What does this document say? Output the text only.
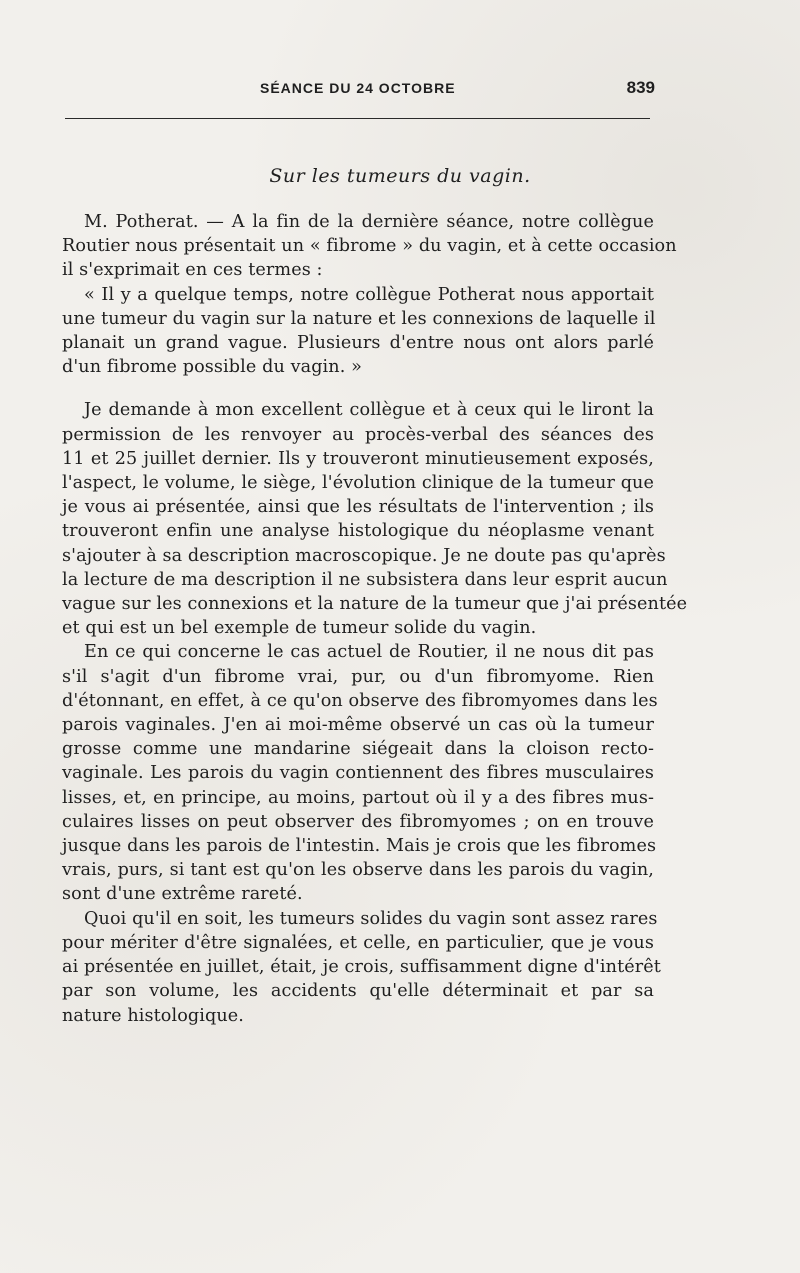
SÉANCE DU 24 OCTOBRE	839
Sur les tumeurs du vagin.
M. Potherat. — A la fin de la dernière séance, notre collègue
Routier nous présentait un « fibrome » du vagin, et à cette occasion
il s'exprimait en ces termes :
« Il y a quelque temps, notre collègue Potherat nous apportait
une tumeur du vagin sur la nature et les connexions de laquelle il
planait un grand vague. Plusieurs d'entre nous ont alors parlé
d'un fibrome possible du vagin. »
Je demande à mon excellent collègue et à ceux qui le liront la
permission de les renvoyer au procès-verbal des séances des
11 et 25 juillet dernier. Ils y trouveront minutieusement exposés,
l'aspect, le volume, le siège, l'évolution clinique de la tumeur que
je vous ai présentée, ainsi que les résultats de l'intervention ; ils
trouveront enfin une analyse histologique du néoplasme venant
s'ajouter à sa description macroscopique. Je ne doute pas qu'après
la lecture de ma description il ne subsistera dans leur esprit aucun
vague sur les connexions et la nature de la tumeur que j'ai présentée
et qui est un bel exemple de tumeur solide du vagin.
En ce qui concerne le cas actuel de Routier, il ne nous dit pas
s'il s'agit d'un fibrome vrai, pur, ou d'un fibromyome. Rien
d'étonnant, en effet, à ce qu'on observe des fibromyomes dans les
parois vaginales. J'en ai moi-même observé un cas où la tumeur
grosse comme une mandarine siégeait dans la cloison recto-
vaginale. Les parois du vagin contiennent des fibres musculaires
lisses, et, en principe, au moins, partout où il y a des fibres mus-
culaires lisses on peut observer des fibromyomes ; on en trouve
jusque dans les parois de l'intestin. Mais je crois que les fibromes
vrais, purs, si tant est qu'on les observe dans les parois du vagin,
sont d'une extrême rareté.
Quoi qu'il en soit, les tumeurs solides du vagin sont assez rares
pour mériter d'être signalées, et celle, en particulier, que je vous
ai présentée en juillet, était, je crois, suffisamment digne d'intérêt
par son volume, les accidents qu'elle déterminait et par sa
nature histologique.
